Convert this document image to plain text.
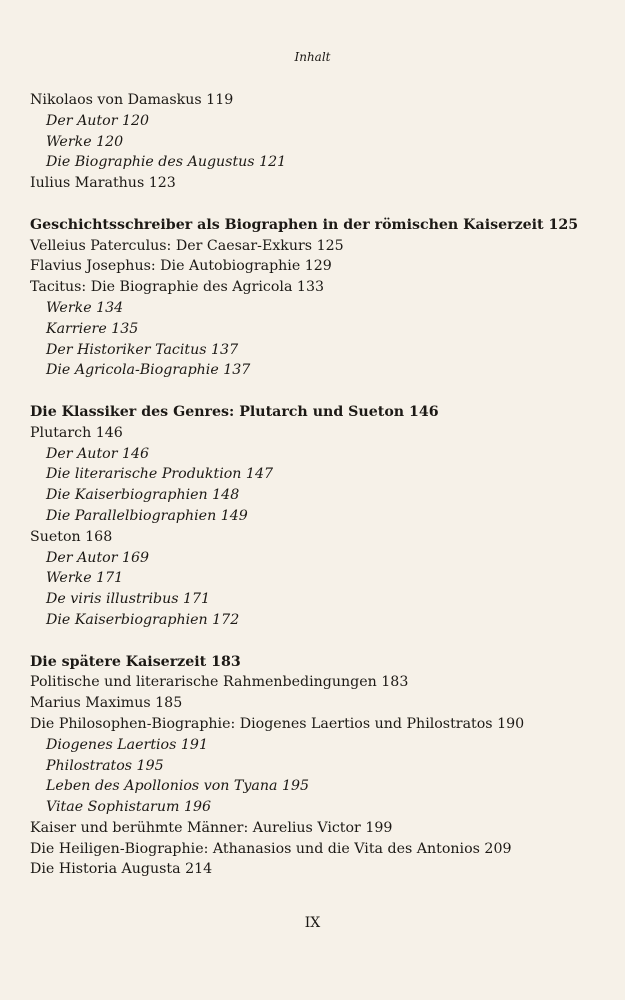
Inhalt
Nikolaos von Damaskus 119
Der Autor 120
Werke 120
Die Biographie des Augustus 121
Iulius Marathus 123
Geschichtsschreiber als Biographen in der römischen Kaiserzeit 125
Velleius Paterculus: Der Caesar-Exkurs 125
Flavius Josephus: Die Autobiographie 129
Tacitus: Die Biographie des Agricola 133
Werke 134
Karriere 135
Der Historiker Tacitus 137
Die Agricola-Biographie 137
Die Klassiker des Genres: Plutarch und Sueton 146
Plutarch 146
Der Autor 146
Die literarische Produktion 147
Die Kaiserbiographien 148
Die Parallelbiographien 149
Sueton 168
Der Autor 169
Werke 171
De viris illustribus 171
Die Kaiserbiographien 172
Die spätere Kaiserzeit 183
Politische und literarische Rahmenbedingungen 183
Marius Maximus 185
Die Philosophen-Biographie: Diogenes Laertios und Philostratos 190
Diogenes Laertios 191
Philostratos 195
Leben des Apollonios von Tyana 195
Vitae Sophistarum 196
Kaiser und berühmte Männer: Aurelius Victor 199
Die Heiligen-Biographie: Athanasios und die Vita des Antonios 209
Die Historia Augusta 214
IX
